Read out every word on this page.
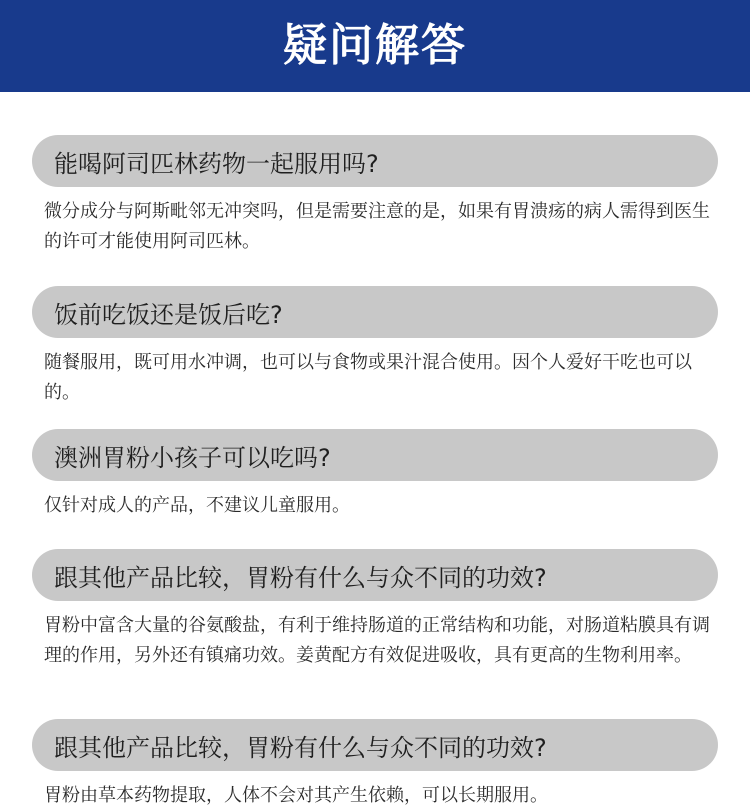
疑问解答
能喝阿司匹林药物一起服用吗?
微分成分与阿斯毗邻无冲突吗，但是需要注意的是，如果有胃溃疡的病人需得到医生的许可才能使用阿司匹林。
饭前吃饭还是饭后吃?
随餐服用，既可用水冲调，也可以与食物或果汁混合使用。因个人爱好干吃也可以的。
澳洲胃粉小孩子可以吃吗?
仅针对成人的产品，不建议儿童服用。
跟其他产品比较，胃粉有什么与众不同的功效?
胃粉中富含大量的谷氨酸盐，有利于维持肠道的正常结构和功能，对肠道粘膜具有调理的作用，另外还有镇痛功效。姜黄配方有效促进吸收，具有更高的生物利用率。
跟其他产品比较，胃粉有什么与众不同的功效?
胃粉由草本药物提取，人体不会对其产生依赖，可以长期服用。
